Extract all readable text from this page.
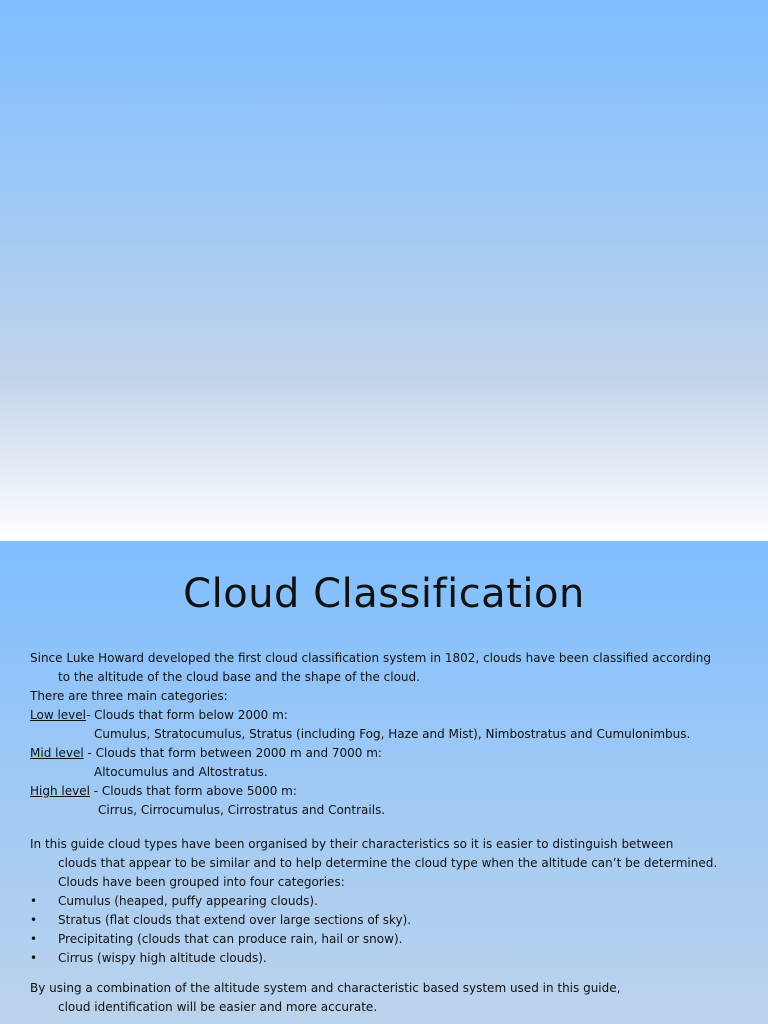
Cloud Classification

Since Luke Howard developed the first cloud classification system in 1802, clouds have been classified according
to the altitude of the cloud base and the shape of the cloud.

There are three main categories:

Low level- Clouds that form below 2000 m:

Cumulus, Stratocumulus, Stratus (including Fog, Haze and Mist), Nimbostratus and Cumulonimbus.

Mid level - Clouds that form between 2000 m and 7000 m:

Altocumulus and Altostratus.

High level - Clouds that form above 5000 m:

Cirrus, Cirrocumulus, Cirrostratus and Contrails.

In this guide cloud types have been organised by their characteristics so it is easier to distinguish between
clouds that appear to be similar and to help determine the cloud type when the altitude can’t be determined.
Clouds have been grouped into four categories:

• Cumulus (heaped, puffy appearing clouds).
• Stratus (flat clouds that extend over large sections of sky).
• Precipitating (clouds that can produce rain, hail or snow).
• Cirrus (wispy high altitude clouds).

By using a combination of the altitude system and characteristic based system used in this guide,
cloud identification will be easier and more accurate.
